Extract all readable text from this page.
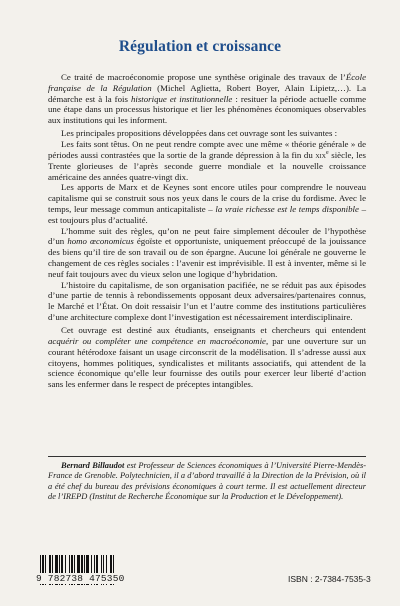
Régulation et croissance

Ce traité de macroéconomie propose une synthèse originale des travaux de l’École française de la Régulation (Michel Aglietta, Robert Boyer, Alain Lipietz,…). La démarche est à la fois historique et institutionnelle : resituer la période actuelle comme une étape dans un processus historique et lier les phénomènes économiques observables aux institutions qui les informent.

Les principales propositions développées dans cet ouvrage sont les suivantes :

Les faits sont têtus. On ne peut rendre compte avec une même « théorie générale » de périodes aussi contrastées que la sortie de la grande dépression à la fin du xix$^e$ siècle, les Trente glorieuses de l’après seconde guerre mondiale et la nouvelle croissance américaine des années quatre-vingt dix.

Les apports de Marx et de Keynes sont encore utiles pour comprendre le nouveau capitalisme qui se construit sous nos yeux dans le cours de la crise du fordisme. Avec le temps, leur message commun anticapitaliste – la vraie richesse est le temps disponible – est toujours plus d’actualité.

L’homme suit des règles, qu’on ne peut faire simplement découler de l’hypothèse d’un homo œconomicus égoïste et opportuniste, uniquement préoccupé de la jouissance des biens qu’il tire de son travail ou de son épargne. Aucune loi générale ne gouverne le changement de ces règles sociales : l’avenir est imprévisible. Il est à inventer, même si le neuf fait toujours avec du vieux selon une logique d’hybridation.

L’histoire du capitalisme, de son organisation pacifiée, ne se réduit pas aux épisodes d’une partie de tennis à rebondissements opposant deux adversaires/partenaires connus, le Marché et l’État. On doit ressaisir l’un et l’autre comme des institutions particulières d’une architecture complexe dont l’investigation est nécessairement interdisciplinaire.

Cet ouvrage est destiné aux étudiants, enseignants et chercheurs qui entendent acquérir ou compléter une compétence en macroéconomie, par une ouverture sur un courant hétérodoxe faisant un usage circonscrit de la modélisation. Il s’adresse aussi aux citoyens, hommes politiques, syndicalistes et militants associatifs, qui attendent de la science économique qu’elle leur fournisse des outils pour exercer leur liberté d’action sans les enfermer dans le respect de préceptes intangibles.

Bernard Billaudot est Professeur de Sciences économiques à l’Université Pierre-Mendès-France de Grenoble. Polytechnicien, il a d’abord travaillé à la Direction de la Prévision, où il a été chef du bureau des prévisions économiques à court terme. Il est actuellement directeur de l’IREPD (Institut de Recherche Économique sur la Production et le Développement).

9 782738 475350	ISBN : 2-7384-7535-3
